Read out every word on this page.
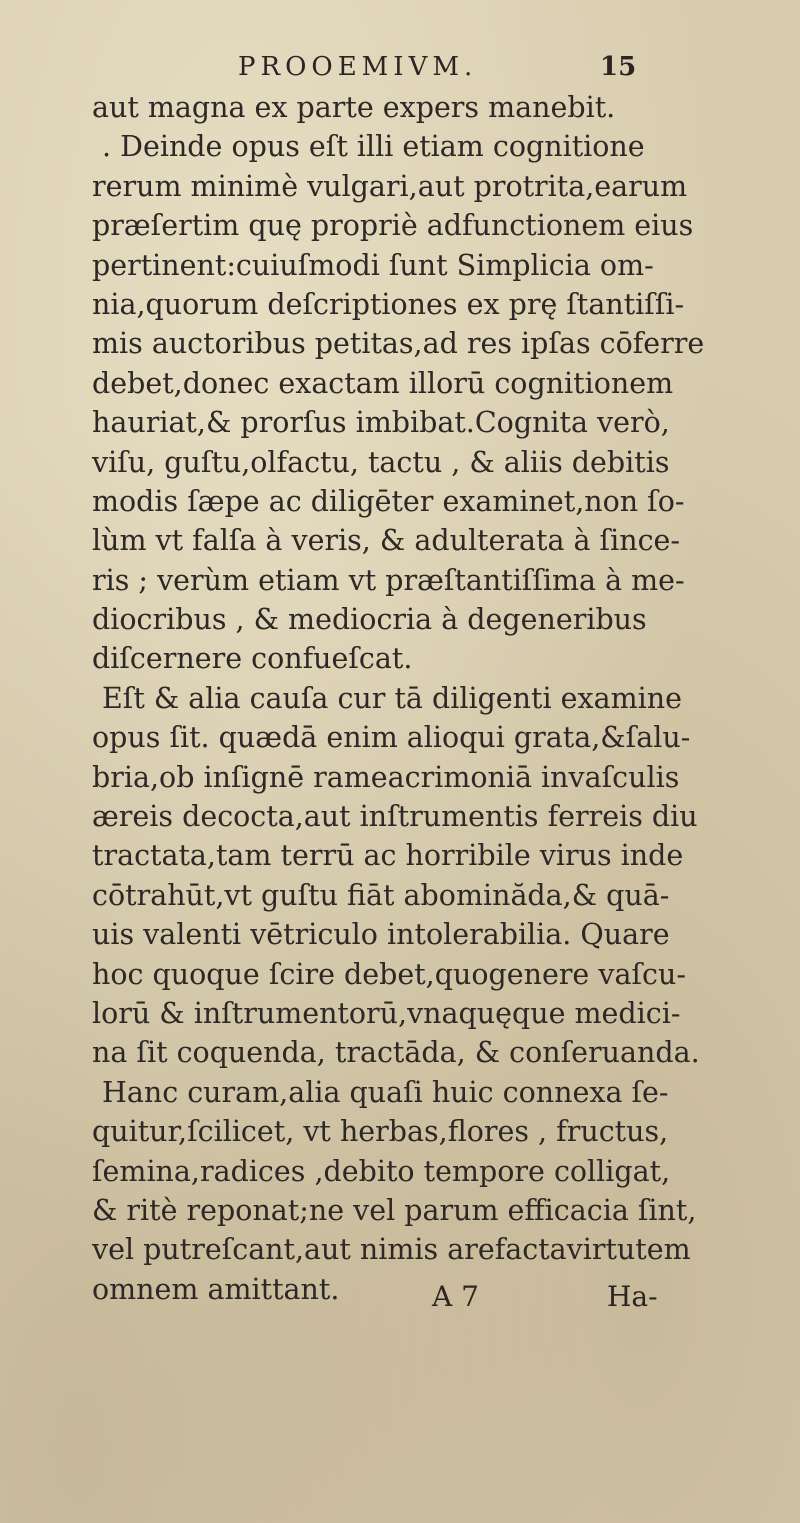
PROOEMIVM.	15
aut magna ex parte expers manebit.
. Deinde opus eſt illi etiam cognitione
rerum minimè vulgari,aut protrita,earum
præſertim quę propriè adfunctionem eius
pertinent:cuiuſmodi ſunt Simplicia om-
nia,quorum deſcriptiones ex prę ſtantiſſi-
mis auctoribus petitas,ad res ipſas cōferre
debet,donec exactam illorū cognitionem
hauriat,& prorſus imbibat.Cognita verò,
viſu, guſtu,olfactu, tactu , & aliis debitis
modis ſæpe ac diligēter examinet,non ſo-
lùm vt falſa à veris, & adulterata à ſince-
ris ; verùm etiam vt præſtantiſſima à me-
diocribus , & mediocria à degeneribus
diſcernere confueſcat.
Eſt & alia cauſa cur tā diligenti examine
opus ſit. quædā enim alioqui grata,&ſalu-
bria,ob inſignē rameacrimoniā invaſculis
æreis decocta,aut inſtrumentis ferreis diu
tractata,tam terrū ac horribile virus inde
cōtrahūt,vt guſtu fiāt abominăda,& quā-
uis valenti vētriculo intolerabilia. Quare
hoc quoque ſcire debet,quogenere vaſcu-
lorū & inſtrumentorū,vnaquęque medici-
na ſit coquenda, tractāda, & conſeruanda.
Hanc curam,alia quaſi huic connexa ſe-
quitur,ſcilicet, vt herbas,flores , fructus,
ſemina,radices ,debito tempore colligat,
& ritè reponat;ne vel parum efficacia ſint,
vel putreſcant,aut nimis arefactavirtutem
omnem amittant.	A 7	Ha-
